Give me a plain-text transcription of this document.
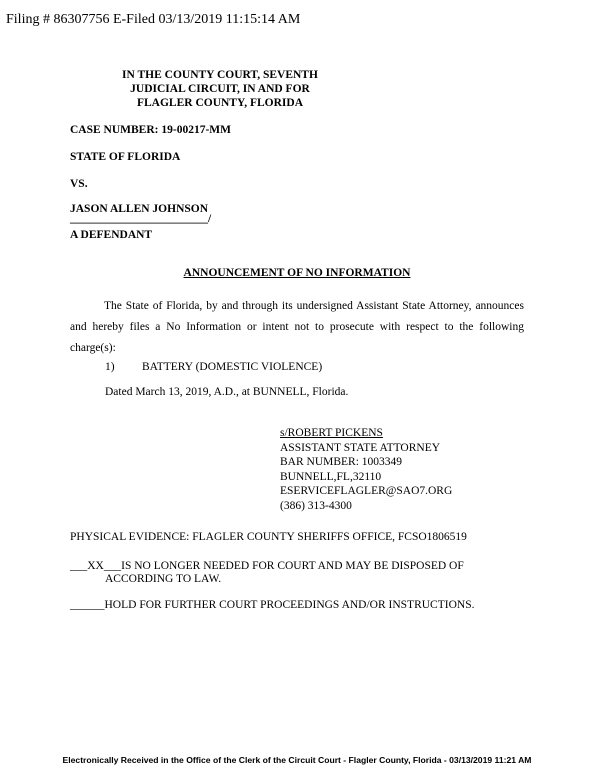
Filing # 86307756 E-Filed 03/13/2019 11:15:14 AM
IN THE COUNTY COURT, SEVENTH
JUDICIAL CIRCUIT, IN AND FOR
FLAGLER COUNTY, FLORIDA
CASE NUMBER: 19-00217-MM
STATE OF FLORIDA
VS.
JASON ALLEN JOHNSON
________________________/
A DEFENDANT
ANNOUNCEMENT OF NO INFORMATION
The State of Florida, by and through its undersigned Assistant State Attorney, announces and hereby files a No Information or intent not to prosecute with respect to the following charge(s):
1) BATTERY (DOMESTIC VIOLENCE)
Dated March 13, 2019, A.D., at BUNNELL, Florida.
s/ROBERT PICKENS
ASSISTANT STATE ATTORNEY
BAR NUMBER: 1003349
BUNNELL,FL,32110
ESERVICEFLAGLER@SAO7.ORG
(386) 313-4300
PHYSICAL EVIDENCE: FLAGLER COUNTY SHERIFFS OFFICE, FCSO1806519
___XX___IS NO LONGER NEEDED FOR COURT AND MAY BE DISPOSED OF
ACCORDING TO LAW.
______HOLD FOR FURTHER COURT PROCEEDINGS AND/OR INSTRUCTIONS.
Electronically Received in the Office of the Clerk of the Circuit Court - Flagler County, Florida - 03/13/2019 11:21 AM
